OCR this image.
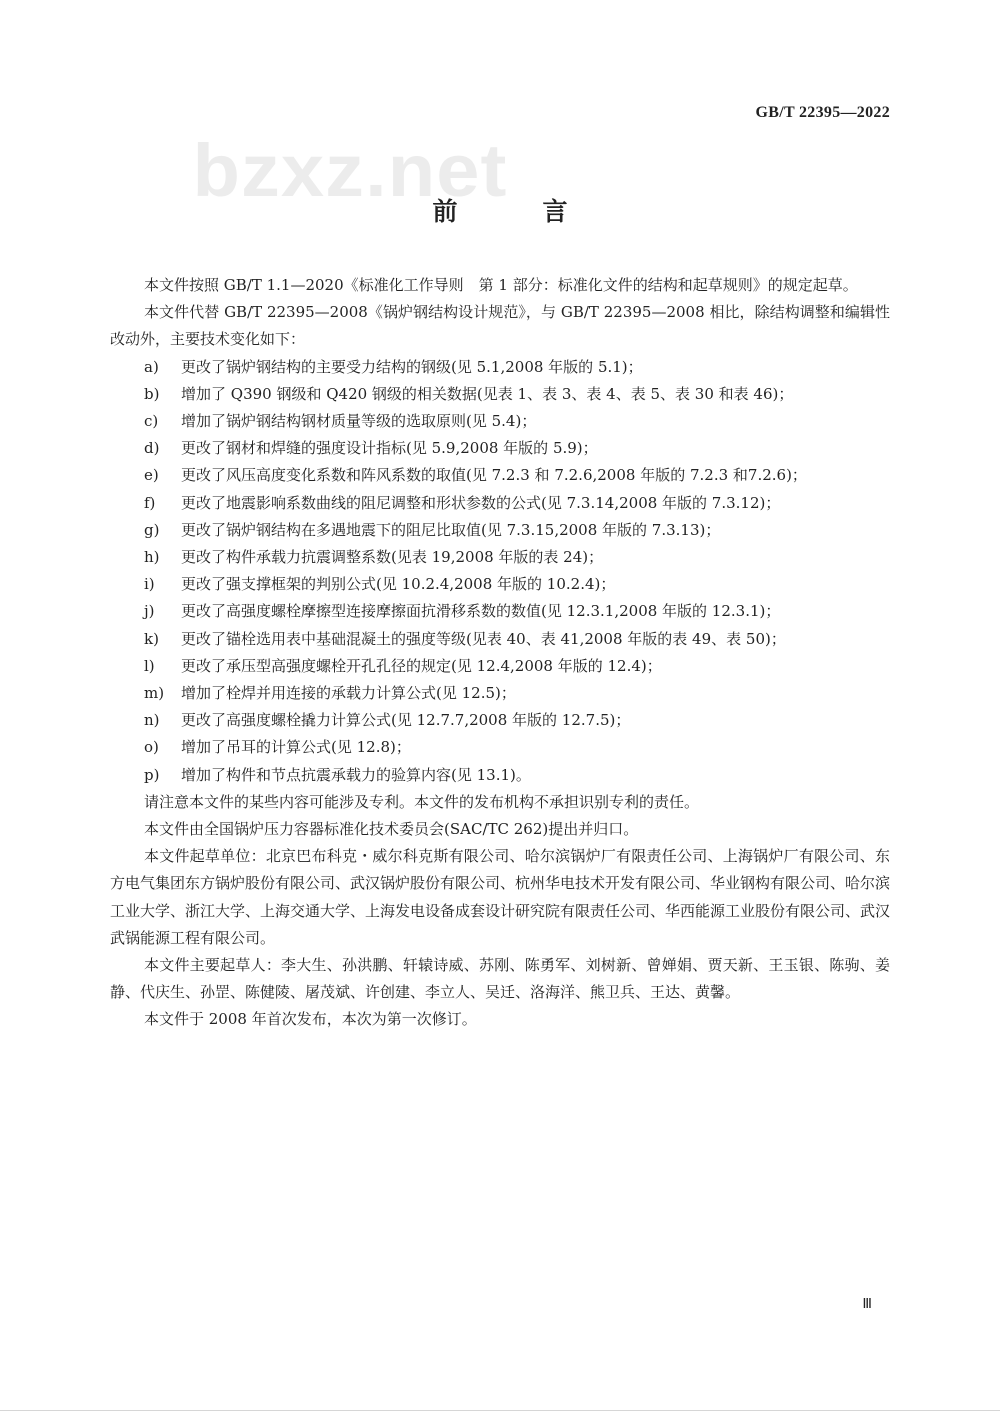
bzxz.net
GB/T 22395—2022
前　言
本文件按照 GB/T 1.1—2020《标准化工作导则　第 1 部分：标准化文件的结构和起草规则》的规定起草。
本文件代替 GB/T 22395—2008《锅炉钢结构设计规范》，与 GB/T 22395—2008 相比，除结构调整和编辑性改动外，主要技术变化如下：
a) 更改了锅炉钢结构的主要受力结构的钢级(见 5.1,2008 年版的 5.1)；
b) 增加了 Q390 钢级和 Q420 钢级的相关数据(见表 1、表 3、表 4、表 5、表 30 和表 46)；
c) 增加了锅炉钢结构钢材质量等级的选取原则(见 5.4)；
d) 更改了钢材和焊缝的强度设计指标(见 5.9,2008 年版的 5.9)；
e) 更改了风压高度变化系数和阵风系数的取值(见 7.2.3 和 7.2.6,2008 年版的 7.2.3 和7.2.6)；
f) 更改了地震影响系数曲线的阻尼调整和形状参数的公式(见 7.3.14,2008 年版的 7.3.12)；
g) 更改了锅炉钢结构在多遇地震下的阻尼比取值(见 7.3.15,2008 年版的 7.3.13)；
h) 更改了构件承载力抗震调整系数(见表 19,2008 年版的表 24)；
i) 更改了强支撑框架的判别公式(见 10.2.4,2008 年版的 10.2.4)；
j) 更改了高强度螺栓摩擦型连接摩擦面抗滑移系数的数值(见 12.3.1,2008 年版的 12.3.1)；
k) 更改了锚栓选用表中基础混凝土的强度等级(见表 40、表 41,2008 年版的表 49、表 50)；
l) 更改了承压型高强度螺栓开孔孔径的规定(见 12.4,2008 年版的 12.4)；
m) 增加了栓焊并用连接的承载力计算公式(见 12.5)；
n) 更改了高强度螺栓撬力计算公式(见 12.7.7,2008 年版的 12.7.5)；
o) 增加了吊耳的计算公式(见 12.8)；
p) 增加了构件和节点抗震承载力的验算内容(见 13.1)。
请注意本文件的某些内容可能涉及专利。本文件的发布机构不承担识别专利的责任。
本文件由全国锅炉压力容器标准化技术委员会(SAC/TC 262)提出并归口。
本文件起草单位：北京巴布科克・威尔科克斯有限公司、哈尔滨锅炉厂有限责任公司、上海锅炉厂有限公司、东方电气集团东方锅炉股份有限公司、武汉锅炉股份有限公司、杭州华电技术开发有限公司、华业钢构有限公司、哈尔滨工业大学、浙江大学、上海交通大学、上海发电设备成套设计研究院有限责任公司、华西能源工业股份有限公司、武汉武锅能源工程有限公司。
本文件主要起草人：李大生、孙洪鹏、轩辕诗威、苏刚、陈勇军、刘树新、曾婵娟、贾天新、王玉银、陈驹、姜静、代庆生、孙罡、陈健陵、屠茂斌、许创建、李立人、吴迁、洛海洋、熊卫兵、王达、黄馨。
本文件于 2008 年首次发布，本次为第一次修订。
Ⅲ
